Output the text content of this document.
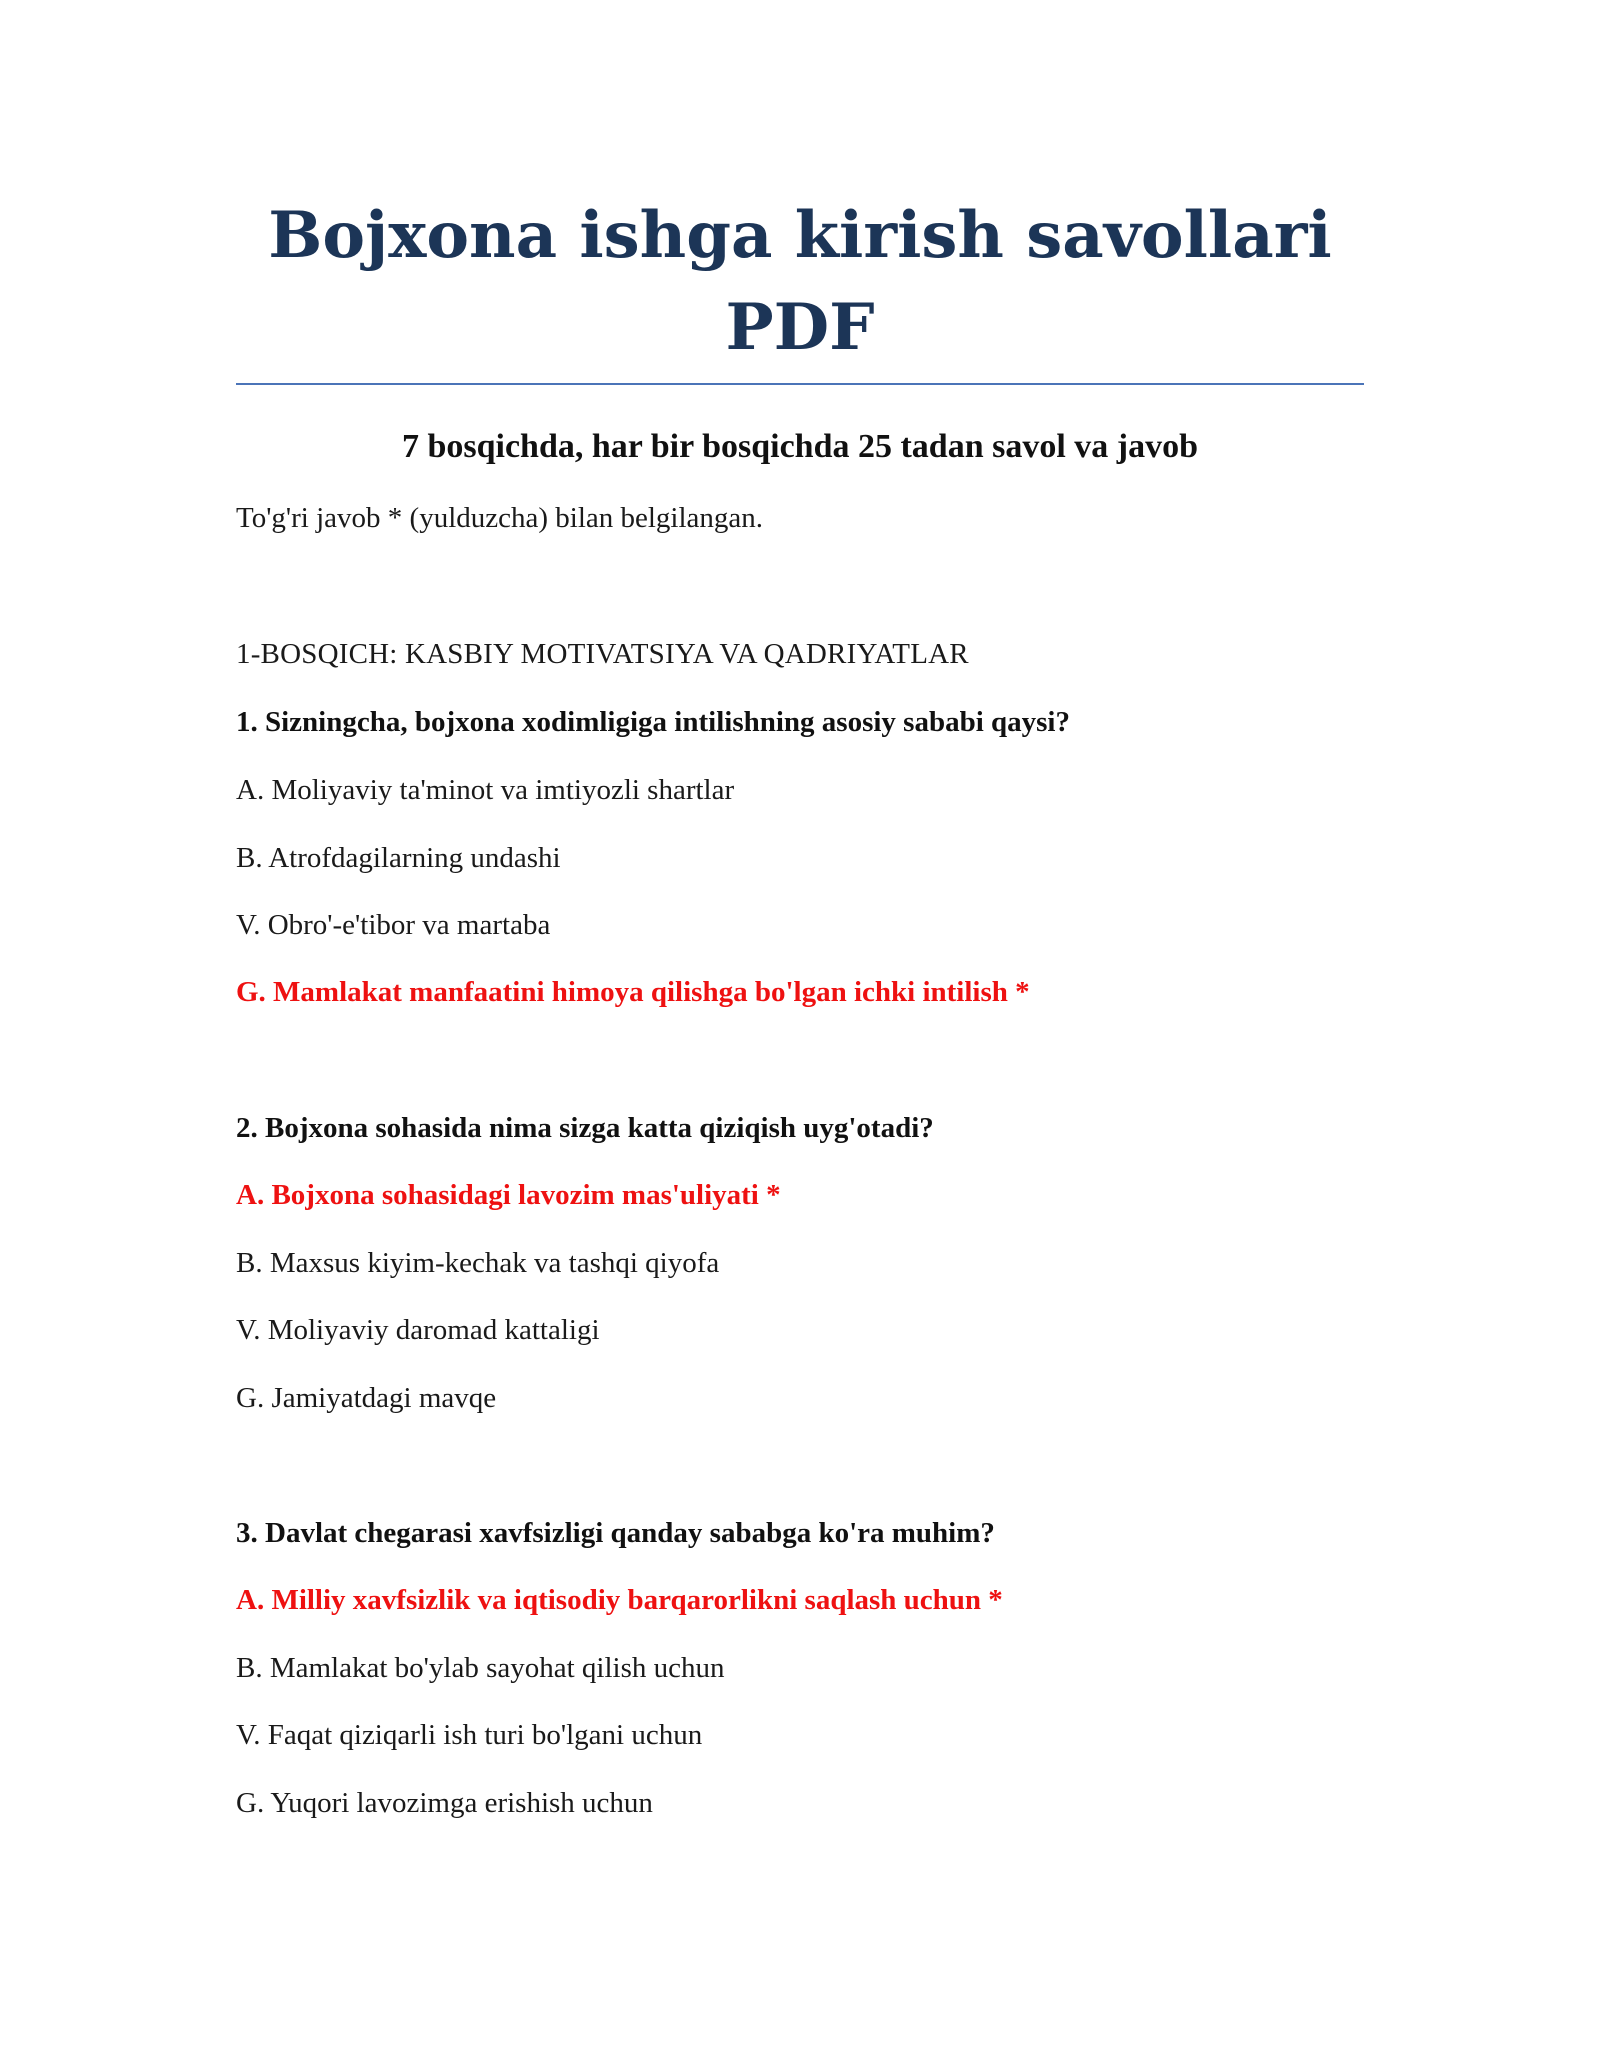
Bojxona ishga kirish savollari
PDF
7 bosqichda, har bir bosqichda 25 tadan savol va javob

To'g'ri javob * (yulduzcha) bilan belgilangan.

1-BOSQICH: KASBIY MOTIVATSIYA VA QADRIYATLAR

1. Sizningcha, bojxona xodimligiga intilishning asosiy sababi qaysi?

A. Moliyaviy ta'minot va imtiyozli shartlar

B. Atrofdagilarning undashi

V. Obro'-e'tibor va martaba

G. Mamlakat manfaatini himoya qilishga bo'lgan ichki intilish *

2. Bojxona sohasida nima sizga katta qiziqish uyg'otadi?

A. Bojxona sohasidagi lavozim mas'uliyati *

B. Maxsus kiyim-kechak va tashqi qiyofa

V. Moliyaviy daromad kattaligi

G. Jamiyatdagi mavqe

3. Davlat chegarasi xavfsizligi qanday sababga ko'ra muhim?

A. Milliy xavfsizlik va iqtisodiy barqarorlikni saqlash uchun *

B. Mamlakat bo'ylab sayohat qilish uchun

V. Faqat qiziqarli ish turi bo'lgani uchun

G. Yuqori lavozimga erishish uchun
